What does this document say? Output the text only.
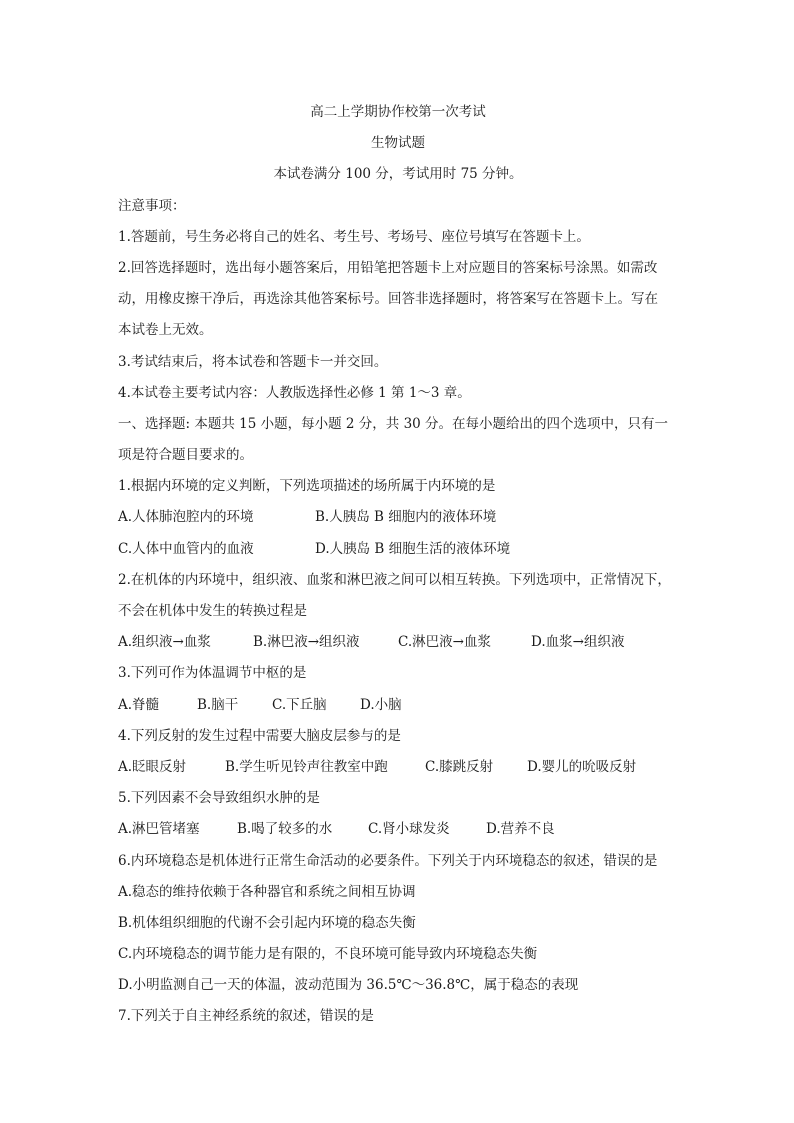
高二上学期协作校第一次考试
生物试题
本试卷满分 100 分，考试用时 75 分钟。
注意事项：
1.答题前，号生务必将自己的姓名、考生号、考场号、座位号填写在答题卡上。
2.回答选择题时，选出每小题答案后，用铅笔把答题卡上对应题目的答案标号涂黑。如需改
动，用橡皮擦干净后，再选涂其他答案标号。回答非选择题时，将答案写在答题卡上。写在
本试卷上无效。
3.考试结束后，将本试卷和答题卡一并交回。
4.本试卷主要考试内容：人教版选择性必修 1 第 1～3 章。
一、选择题: 本题共 15 小题，每小题 2 分，共 30 分。在每小题给出的四个选项中，只有一
项是符合题目要求的。
1.根据内环境的定义判断，下列选项描述的场所属于内环境的是
A.人体肺泡腔内的环境	B.人胰岛 B 细胞内的液体环境
C.人体中血管内的血液	D.人胰岛 B 细胞生活的液体环境
2.在机体的内环境中，组织液、血浆和淋巴液之间可以相互转换。下列选项中，正常情况下，
不会在机体中发生的转换过程是
A.组织液→血浆	B.淋巴液→组织液	C.淋巴液→血浆	D.血浆→组织液
3.下列可作为体温调节中枢的是
A.脊髓	B.脑干	C.下丘脑	D.小脑
4.下列反射的发生过程中需要大脑皮层参与的是
A.眨眼反射	B.学生听见铃声往教室中跑	C.膝跳反射	D.婴儿的吮吸反射
5.下列因素不会导致组织水肿的是
A.淋巴管堵塞	B.喝了较多的水	C.肾小球发炎	D.营养不良
6.内环境稳态是机体进行正常生命活动的必要条件。下列关于内环境稳态的叙述，错误的是
A.稳态的维持依赖于各种器官和系统之间相互协调
B.机体组织细胞的代谢不会引起内环境的稳态失衡
C.内环境稳态的调节能力是有限的，不良环境可能导致内环境稳态失衡
D.小明监测自己一天的体温，波动范围为 36.5℃～36.8℃，属于稳态的表现
7.下列关于自主神经系统的叙述，错误的是
